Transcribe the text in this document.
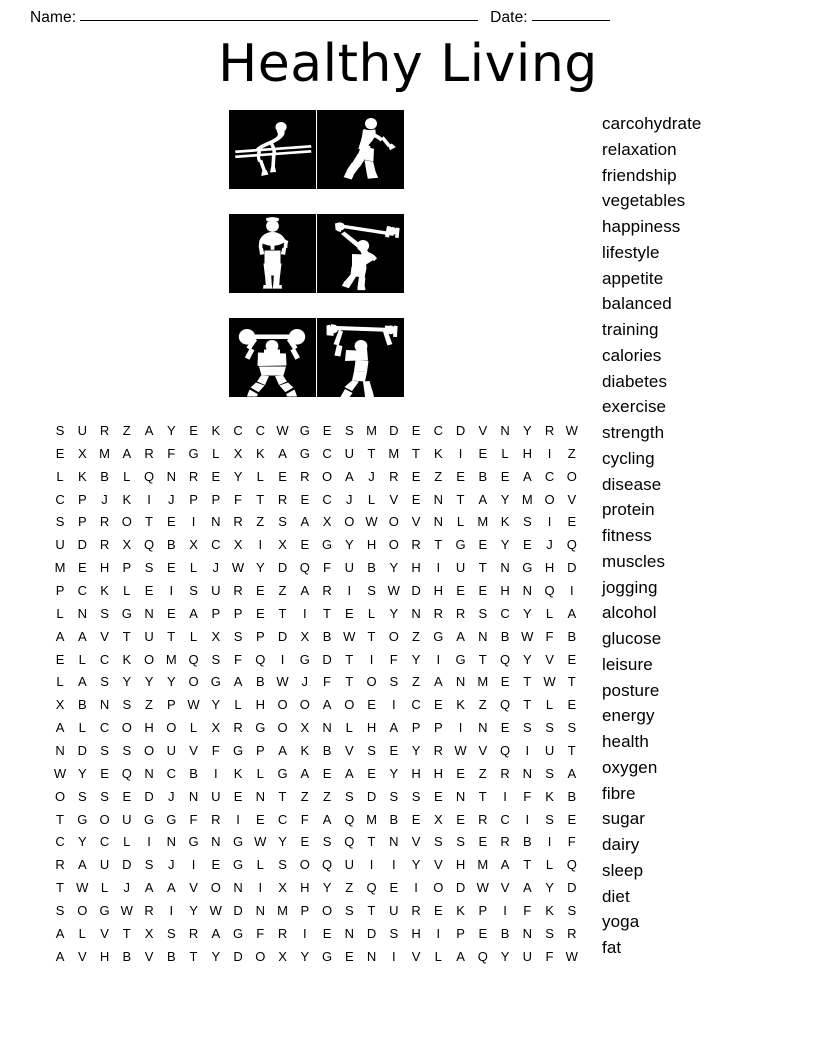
Name:	Date:
Healthy Living
carcohydrate
relaxation
friendship
vegetables
happiness
lifestyle
appetite
balanced
training
calories
diabetes
exercise
strength
cycling
disease
protein
fitness
muscles
jogging
alcohol
glucose
leisure
posture
energy
health
oxygen
fibre
sugar
dairy
sleep
diet
yoga
fat
S	U R	Z	A	Y	E	K	C C W G E	S M D	E	C D	V	N	Y	R W
E	X M A	R	F	G	L	X	K	A G C U	T M T	K	I	E	L	H	I	Z
L	K	B	L	Q N R	E	Y	L	E	R O A	J	R	E	Z	E	B	E	A	C O
C	P	J	K	I	J	P	P	F	T	R	E	C	J	L	V	E	N	T	A	Y M O V
S	P	R O	T	E	I	N R	Z	S	A	X O W O V	N	L	M K	S	I	E
U D R	X Q B	X	C	X	I	X	E G Y	H O R	T	G E	Y	E	J	Q
M E	H	P	S	E	L	J W Y	D Q	F	U	B	Y	H	I	U	T	N G H D
P	C	K	L	E	I	S	U R	E	Z	A	R	I	S W D H	E	E	H N Q	I
L	N	S G N	E	A	P	P	E	T	I	T	E	L	Y	N R R	S	C	Y	L	A
A	A	V	T	U	T	L	X	S	P	D	X	B W T	O	Z	G A	N	B W F	B
E	L	C	K O M Q S	F	Q	I	G D	T	I	F	Y	I	G	T	Q Y	V	E
L	A	S	Y	Y	Y O G A	B W J	F	T	O S	Z	A	N M E	T W T
X	B	N	S	Z	P W Y	L	H O O A O E	I	C	E	K	Z	Q	T	L	E
A	L	C O H O	L	X	R G O X	N	L	H	A	P	P	I	N	E	S	S	S
N D	S	S O U	V	F	G P	A	K	B	V	S	E	Y	R W V Q	I	U	T
W Y	E Q N C	B	I	K	L	G A	E	A	E	Y	H H	E	Z	R N	S	A
O S	S	E	D	J	N U	E	N	T	Z	Z	S	D	S	S	E	N	T	I	F	K	B
T	G O U G G	F	R	I	E	C	F	A Q M B	E	X	E	R C	I	S	E
C	Y	C	L	I	N G N G W Y	E	S Q	T	N	V	S	S	E	R	B	I	F
R	A	U D	S	J	I	E G	L	S O Q U	I	I	Y	V	H M A	T	L	Q
T W L	J	A	A	V O N	I	X	H	Y	Z	Q E	I	O D W V	A	Y	D
S O G W R	I	Y W D N M P O S	T	U R	E	K	P	I	F	K	S
A	L	V	T	X	S	R	A G	F	R	I	E	N D	S	H	I	P	E	B	N	S	R
A	V	H	B	V	B	T	Y	D O X	Y G E	N	I	V	L	A Q Y	U	F W
